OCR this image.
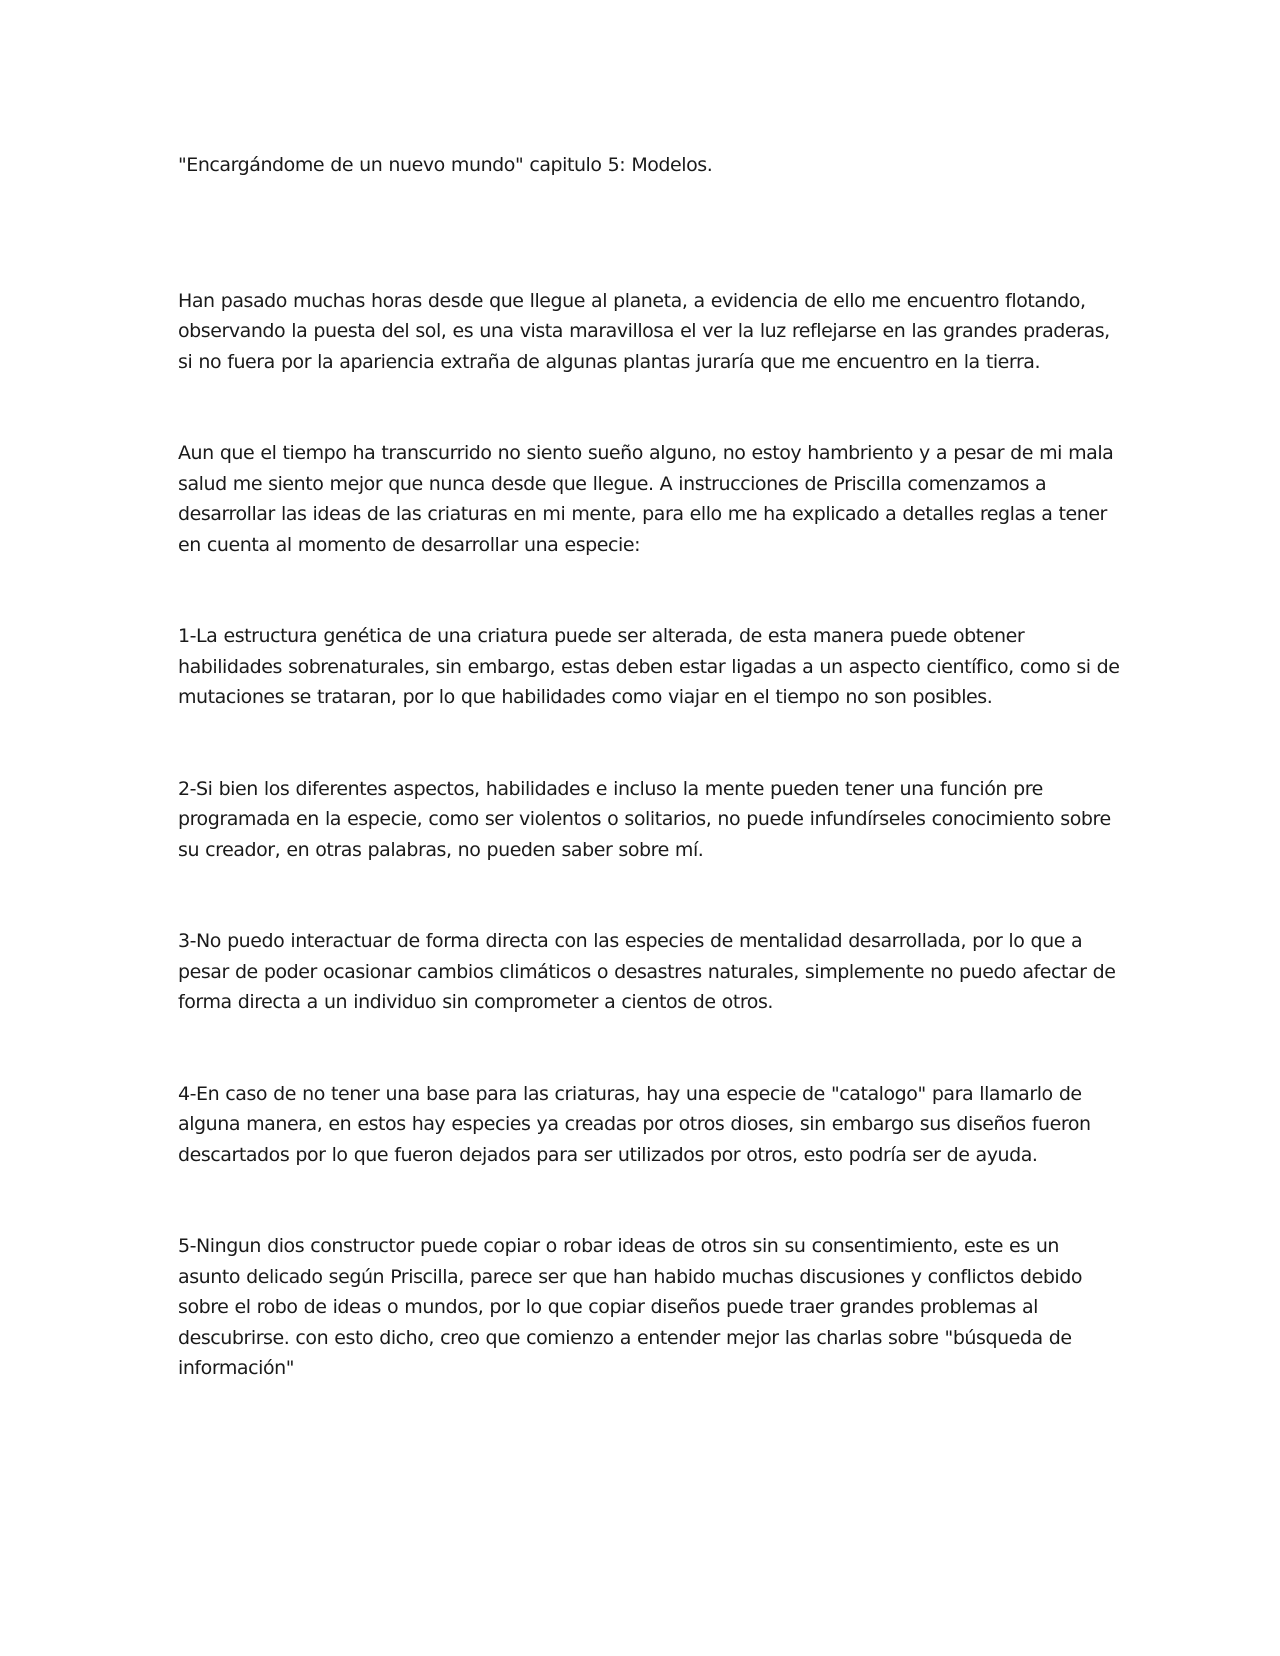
"Encargándome de un nuevo mundo" capitulo 5: Modelos.

Han pasado muchas horas desde que llegue al planeta, a evidencia de ello me encuentro flotando, observando la puesta del sol, es una vista maravillosa el ver la luz reflejarse en las grandes praderas, si no fuera por la apariencia extraña de algunas plantas juraría que me encuentro en la tierra.

Aun que el tiempo ha transcurrido no siento sueño alguno, no estoy hambriento y a pesar de mi mala salud me siento mejor que nunca desde que llegue. A instrucciones de Priscilla comenzamos a desarrollar las ideas de las criaturas en mi mente, para ello me ha explicado a detalles reglas a tener en cuenta al momento de desarrollar una especie:

1-La estructura genética de una criatura puede ser alterada, de esta manera puede obtener habilidades sobrenaturales, sin embargo, estas deben estar ligadas a un aspecto científico, como si de mutaciones se trataran, por lo que habilidades como viajar en el tiempo no son posibles.

2-Si bien los diferentes aspectos, habilidades e incluso la mente pueden tener una función pre programada en la especie, como ser violentos o solitarios, no puede infundírseles conocimiento sobre su creador, en otras palabras, no pueden saber sobre mí.

3-No puedo interactuar de forma directa con las especies de mentalidad desarrollada, por lo que a pesar de poder ocasionar cambios climáticos o desastres naturales, simplemente no puedo afectar de forma directa a un individuo sin comprometer a cientos de otros.

4-En caso de no tener una base para las criaturas, hay una especie de "catalogo" para llamarlo de alguna manera, en estos hay especies ya creadas por otros dioses, sin embargo sus diseños fueron descartados por lo que fueron dejados para ser utilizados por otros, esto podría ser de ayuda.

5-Ningun dios constructor puede copiar o robar ideas de otros sin su consentimiento, este es un asunto delicado según Priscilla, parece ser que han habido muchas discusiones y conflictos debido sobre el robo de ideas o mundos, por lo que copiar diseños puede traer grandes problemas al descubrirse. con esto dicho, creo que comienzo a entender mejor las charlas sobre "búsqueda de información"
